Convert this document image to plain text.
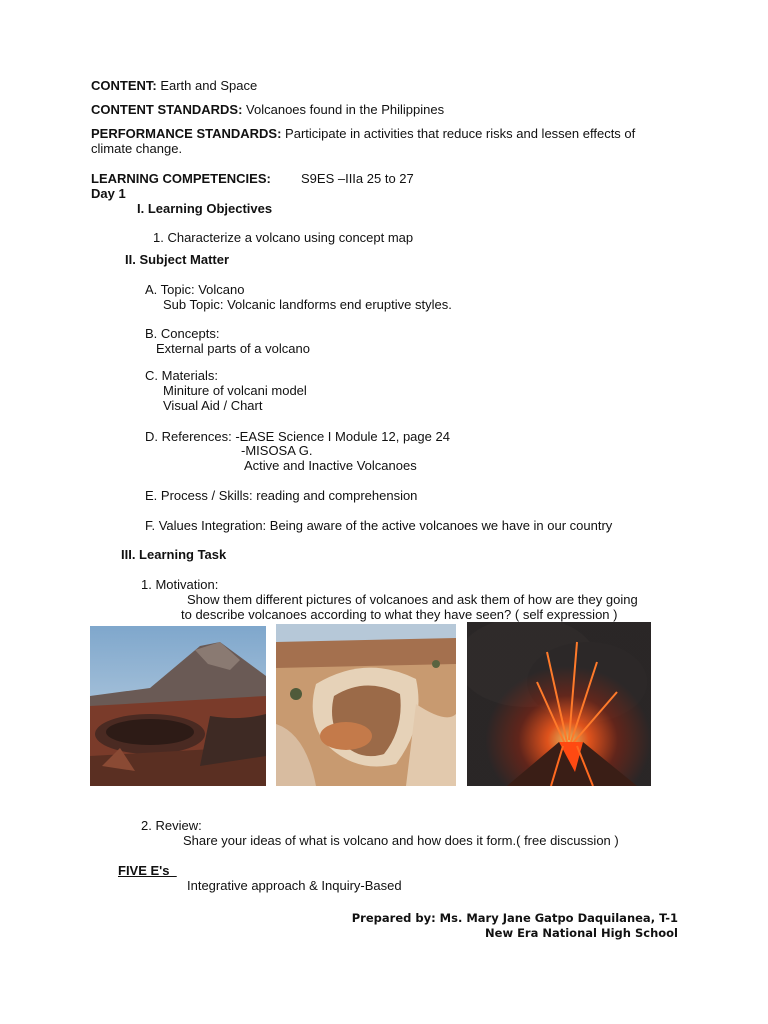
CONTENT: Earth and Space
CONTENT STANDARDS: Volcanoes found in the Philippines
PERFORMANCE STANDARDS: Participate in activities that reduce risks and lessen effects of
climate change.
LEARNING COMPETENCIES: S9ES –IIIa 25 to 27
Day 1
I. Learning Objectives
1. Characterize a volcano using concept map
II. Subject Matter
A. Topic: Volcano
Sub Topic: Volcanic landforms end eruptive styles.
B. Concepts:
External parts of a volcano
C. Materials:
Miniture of volcani model
Visual Aid / Chart
D. References: -EASE Science I Module 12, page 24
-MISOSA G.
Active and Inactive Volcanoes
E. Process / Skills: reading and comprehension
F. Values Integration: Being aware of the active volcanoes we have in our country
III. Learning Task
1. Motivation:
Show them different pictures of volcanoes and ask them of how are they going
to describe volcanoes according to what they have seen? ( self expression )
2. Review:
Share your ideas of what is volcano and how does it form.( free discussion )
FIVE E's
Integrative approach & Inquiry-Based
Prepared by: Ms. Mary Jane Gatpo Daquilanea, T-1
New Era National High School
